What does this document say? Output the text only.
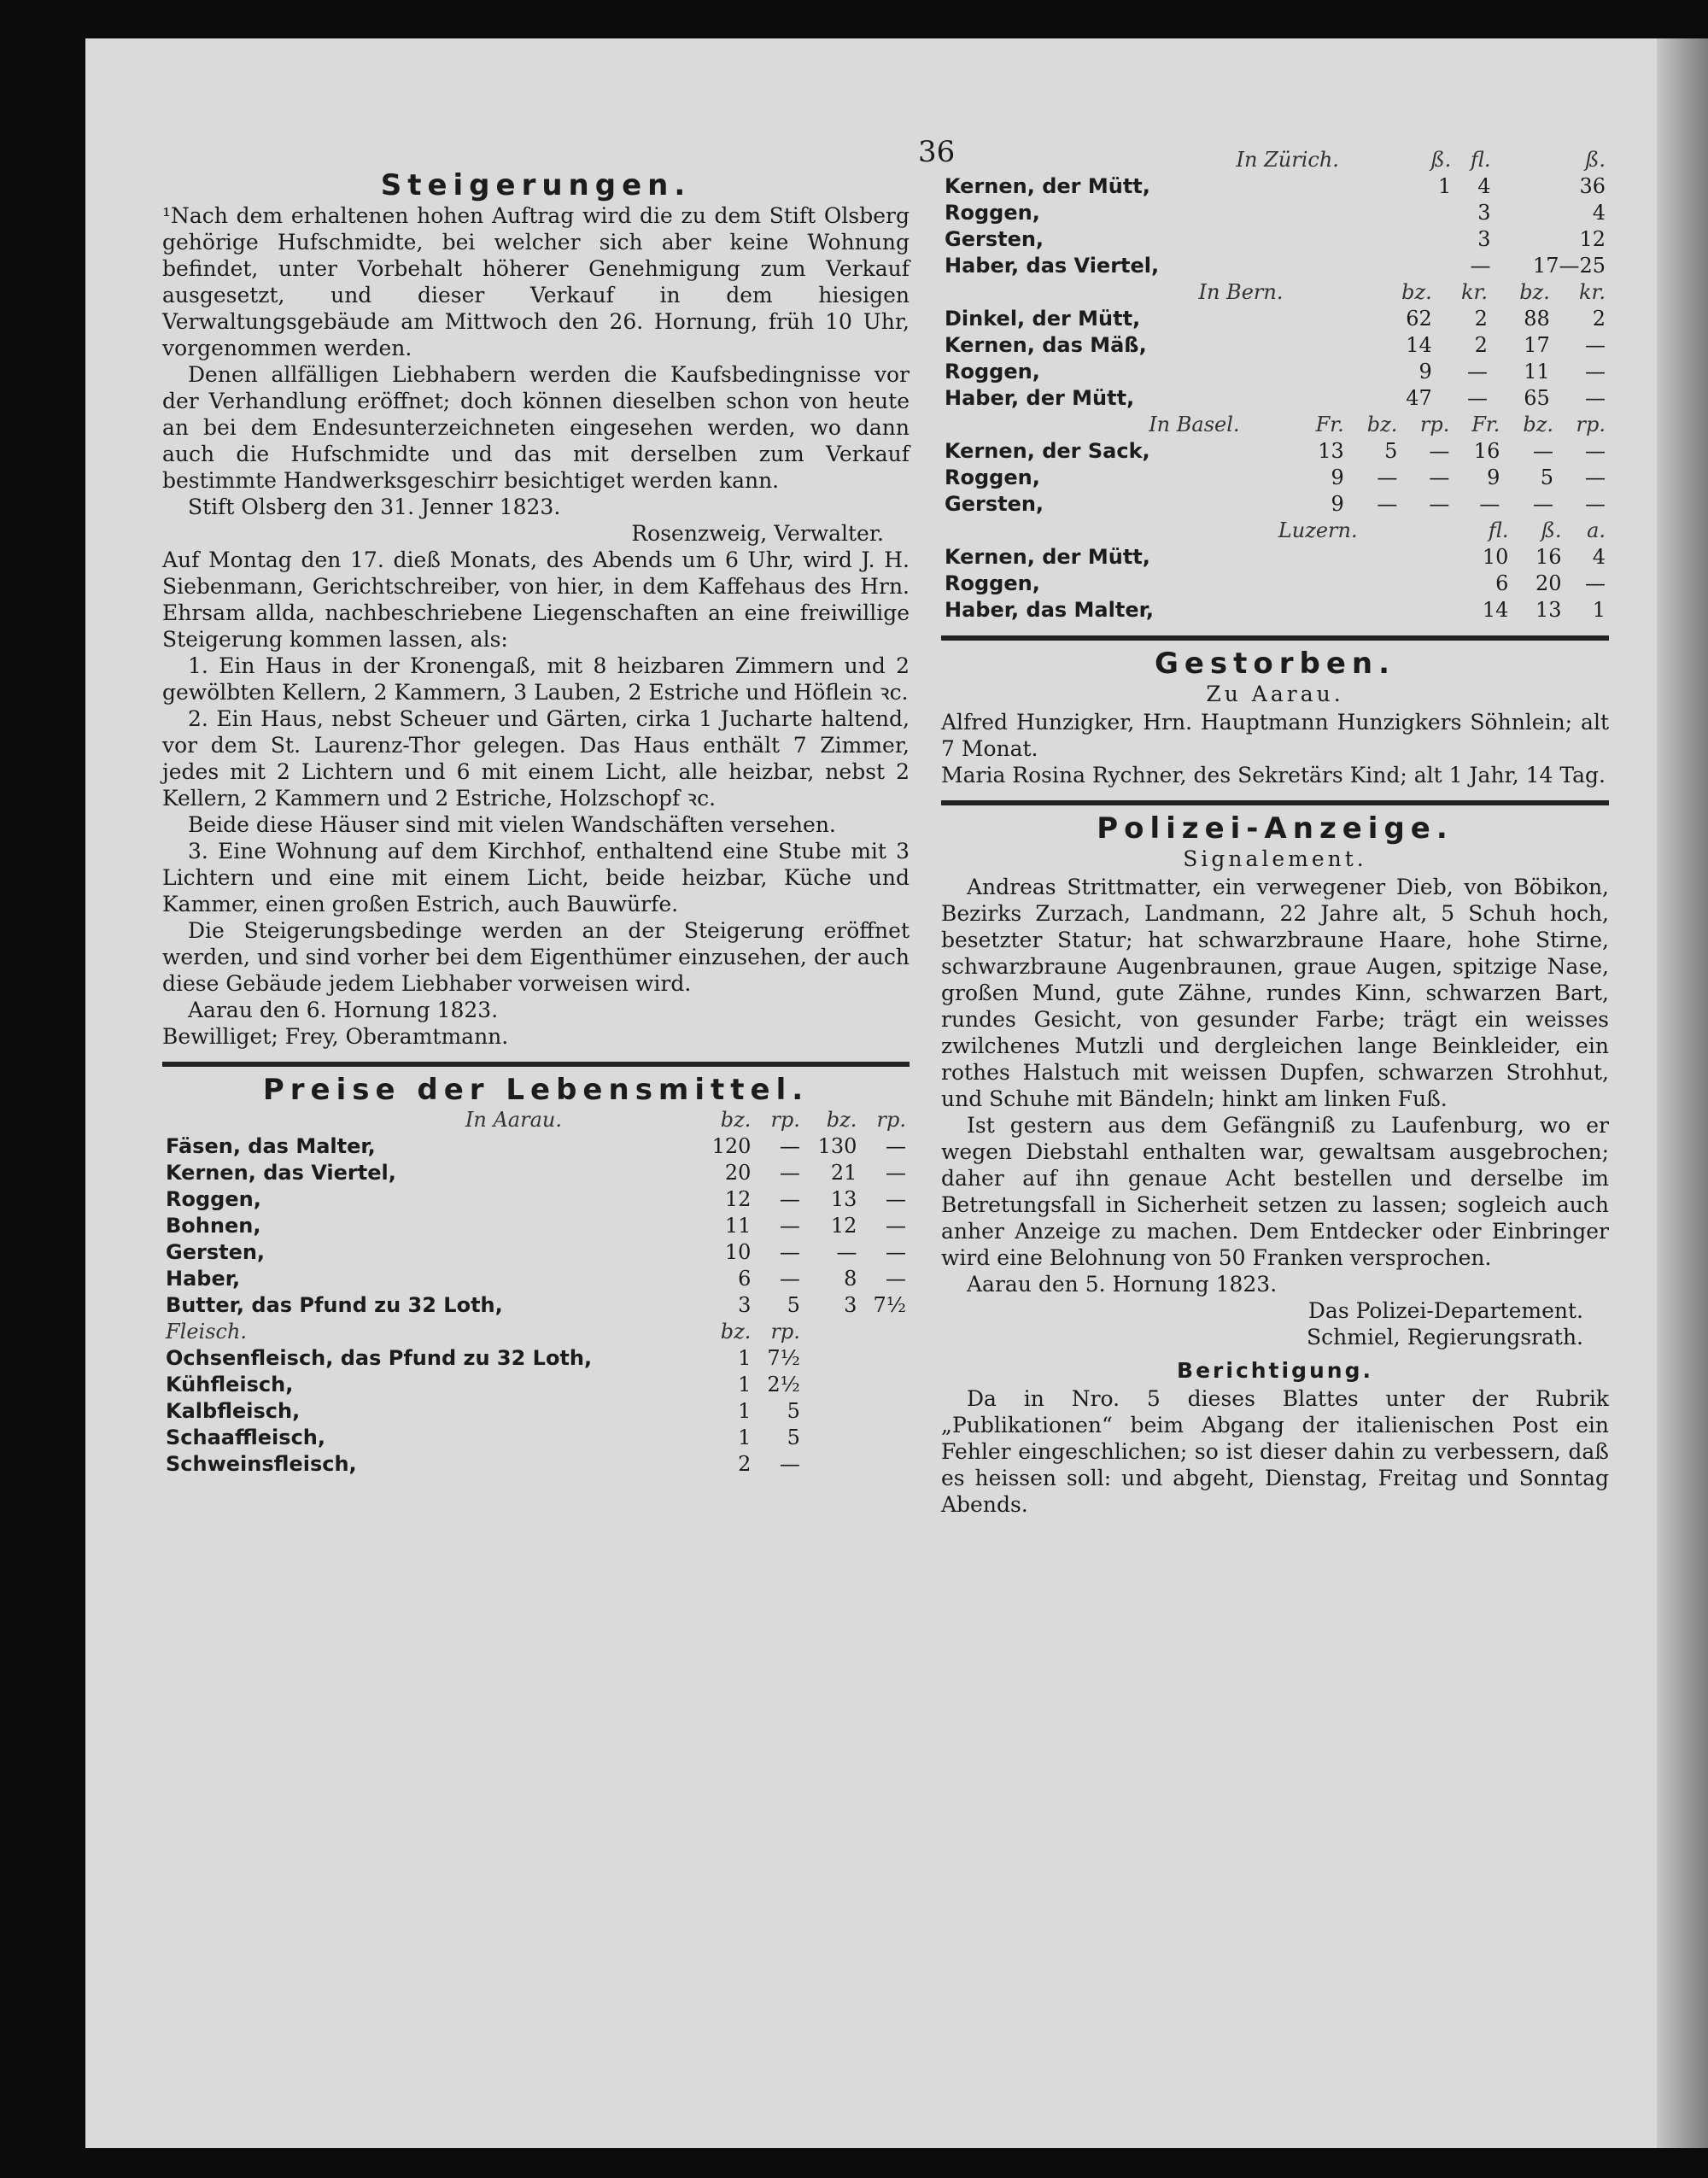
36
Steigerungen.

¹Nach dem erhaltenen hohen Auftrag wird die zu dem Stift Olsberg gehörige Hufschmidte, bei welcher sich aber keine Wohnung befindet, unter Vorbehalt höherer Genehmigung zum Verkauf ausgesetzt, und dieser Verkauf in dem hiesigen Verwaltungsgebäude am Mittwoch den 26. Hornung, früh 10 Uhr, vorgenommen werden.

Denen allfälligen Liebhabern werden die Kaufsbedingnisse vor der Verhandlung eröffnet; doch können dieselben schon von heute an bei dem Endesunterzeichneten eingesehen werden, wo dann auch die Hufschmidte und das mit derselben zum Verkauf bestimmte Handwerksgeschirr besichtiget werden kann.

Stift Olsberg den 31. Jenner 1823.

Rosenzweig, Verwalter.

Auf Montag den 17. dieß Monats, des Abends um 6 Uhr, wird J. H. Siebenmann, Gerichtschreiber, von hier, in dem Kaffehaus des Hrn. Ehrsam allda, nachbeschriebene Liegenschaften an eine freiwillige Steigerung kommen lassen, als:

1. Ein Haus in der Kronengaß, mit 8 heizbaren Zimmern und 2 gewölbten Kellern, 2 Kammern, 3 Lauben, 2 Estriche und Höflein ꝛc.

2. Ein Haus, nebst Scheuer und Gärten, cirka 1 Jucharte haltend, vor dem St. Laurenz-Thor gelegen. Das Haus enthält 7 Zimmer, jedes mit 2 Lichtern und 6 mit einem Licht, alle heizbar, nebst 2 Kellern, 2 Kammern und 2 Estriche, Holzschopf ꝛc.

Beide diese Häuser sind mit vielen Wandschäften versehen.

3. Eine Wohnung auf dem Kirchhof, enthaltend eine Stube mit 3 Lichtern und eine mit einem Licht, beide heizbar, Küche und Kammer, einen großen Estrich, auch Bauwürfe.

Die Steigerungsbedinge werden an der Steigerung eröffnet werden, und sind vorher bei dem Eigenthümer einzusehen, der auch diese Gebäude jedem Liebhaber vorweisen wird.

Aarau den 6. Hornung 1823.

Bewilliget; Frey, Oberamtmann.

Preise der Lebensmittel.
In Aarau.	bz.	rp.	bz.	rp.
Fäsen, das Malter,	120	—	130	—
Kernen, das Viertel,	20	—	21	—
Roggen,	12	—	13	—
Bohnen,	11	—	12	—
Gersten,	10	—	—	—
Haber,	6	—	8	—
Butter, das Pfund zu 32 Loth,	3	5	3	7½
Fleisch.	bz.	rp.		
Ochsenfleisch, das Pfund zu 32 Loth,	1	7½		
Kühfleisch,	1	2½		
Kalbfleisch,	1	5		
Schaaffleisch,	1	5		
Schweinsfleisch,	2	—		
In Zürich.	ß.	fl.	ß.
Kernen, der Mütt,	1	4	36
Roggen,		3	4
Gersten,		3	12
Haber, das Viertel,		—	17—25
In Bern.	bz.	kr.	bz.	kr.
Dinkel, der Mütt,	62	2	88	2
Kernen, das Mäß,	14	2	17	—
Roggen,	9	—	11	—
Haber, der Mütt,	47	—	65	—
In Basel.	Fr.	bz.	rp.	Fr.	bz.	rp.
Kernen, der Sack,	13	5	—	16	—	—
Roggen,	9	—	—	9	5	—
Gersten,	9	—	—	—	—	—
Luzern.	fl.	ß.	a.
Kernen, der Mütt,	10	16	4
Roggen,	6	20	—
Haber, das Malter,	14	13	1
Gestorben.
Zu Aarau.

Alfred Hunzigker, Hrn. Hauptmann Hunzigkers Söhnlein; alt 7 Monat.

Maria Rosina Rychner, des Sekretärs Kind; alt 1 Jahr, 14 Tag.

Polizei-Anzeige.
Signalement.

Andreas Strittmatter, ein verwegener Dieb, von Böbikon, Bezirks Zurzach, Landmann, 22 Jahre alt, 5 Schuh hoch, besetzter Statur; hat schwarzbraune Haare, hohe Stirne, schwarzbraune Augenbraunen, graue Augen, spitzige Nase, großen Mund, gute Zähne, rundes Kinn, schwarzen Bart, rundes Gesicht, von gesunder Farbe; trägt ein weisses zwilchenes Mutzli und dergleichen lange Beinkleider, ein rothes Halstuch mit weissen Dupfen, schwarzen Strohhut, und Schuhe mit Bändeln; hinkt am linken Fuß.

Ist gestern aus dem Gefängniß zu Laufenburg, wo er wegen Diebstahl enthalten war, gewaltsam ausgebrochen; daher auf ihn genaue Acht bestellen und derselbe im Betretungsfall in Sicherheit setzen zu lassen; sogleich auch anher Anzeige zu machen. Dem Entdecker oder Einbringer wird eine Belohnung von 50 Franken versprochen.

Aarau den 5. Hornung 1823.

Das Polizei-Departement.
Schmiel, Regierungsrath.
Berichtigung.

Da in Nro. 5 dieses Blattes unter der Rubrik „Publikationen“ beim Abgang der italienischen Post ein Fehler eingeschlichen; so ist dieser dahin zu verbessern, daß es heissen soll: und abgeht, Dienstag, Freitag und Sonntag Abends.
